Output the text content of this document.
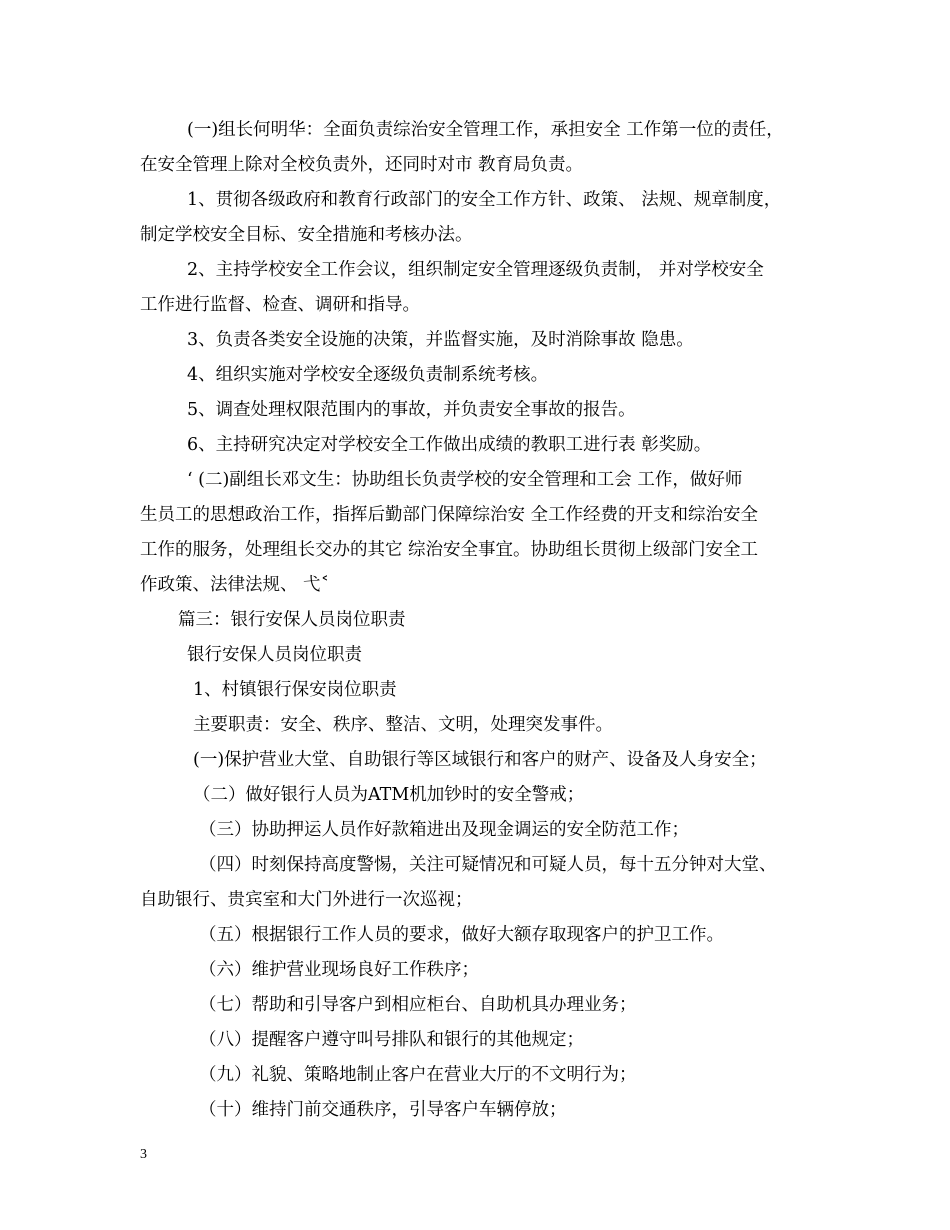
(一)组长何明华：全面负责综治安全管理工作，承担安全 工作第一位的责任，
在安全管理上除对全校负责外，还同时对市 教育局负责。
1、贯彻各级政府和教育行政部门的安全工作方针、政策、 法规、规章制度，
制定学校安全目标、安全措施和考核办法。
2、主持学校安全工作会议，组织制定安全管理逐级负责制， 并对学校安全
工作进行监督、检查、调研和指导。
3、负责各类安全设施的决策，并监督实施，及时消除事故 隐患。
4、组织实施对学校安全逐级负责制系统考核。
5、调查处理权限范围内的事故，并负责安全事故的报告。
6、主持研究决定对学校安全工作做出成绩的教职工进行表 彰奖励。
‘ (二)副组长邓文生：协助组长负责学校的安全管理和工会 工作，做好师
生员工的思想政治工作，指挥后勤部门保障综治安 全工作经费的开支和综治安全
工作的服务，处理组长交办的其它 综治安全事宜。协助组长贯彻上级部门安全工
作政策、法律法规、 弋˂
篇三：银行安保人员岗位职责
银行安保人员岗位职责
1、村镇银行保安岗位职责
主要职责：安全、秩序、整洁、文明，处理突发事件。
(一)保护营业大堂、自助银行等区域银行和客户的财产、设备及人身安全；
（二）做好银行人员为ATM机加钞时的安全警戒；
（三）协助押运人员作好款箱进出及现金调运的安全防范工作；
（四）时刻保持高度警惕，关注可疑情况和可疑人员，每十五分钟对大堂、
自助银行、贵宾室和大门外进行一次巡视；
（五）根据银行工作人员的要求，做好大额存取现客户的护卫工作。
（六）维护营业现场良好工作秩序；
（七）帮助和引导客户到相应柜台、自助机具办理业务；
（八）提醒客户遵守叫号排队和银行的其他规定；
（九）礼貌、策略地制止客户在营业大厅的不文明行为；
（十）维持门前交通秩序，引导客户车辆停放；
3
